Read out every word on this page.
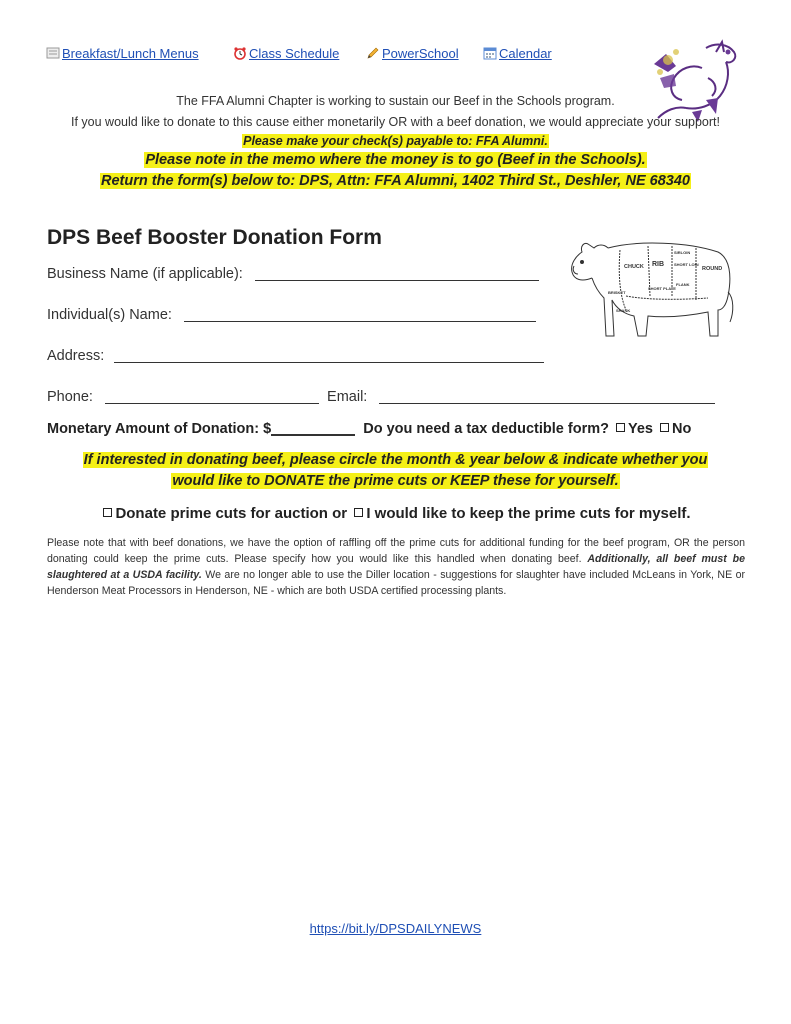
Breakfast/Lunch Menus	Class Schedule	PowerSchool	Calendar
The FFA Alumni Chapter is working to sustain our Beef in the Schools program.
If you would like to donate to this cause either monetarily OR with a beef donation, we would appreciate your support!
Please make your check(s) payable to: FFA Alumni.
Please note in the memo where the money is to go (Beef in the Schools).
Return the form(s) below to: DPS, Attn: FFA Alumni, 1402 Third St., Deshler, NE 68340
DPS Beef Booster Donation Form
CHUCK RIB SHORT LOIN
SIRLOIN
ROUND
BRISKET
SHORT PLATE
FLANK
SHANK
Business Name (if applicable):
Individual(s) Name:
Address:
Phone:	Email:
Monetary Amount of Donation: $	Do you need a tax deductible form? Yes No
If interested in donating beef, please circle the month & year below & indicate whether you
would like to DONATE the prime cuts or KEEP these for yourself.
Donate prime cuts for auction or I would like to keep the prime cuts for myself.
Please note that with beef donations, we have the option of raffling off the prime cuts for additional funding for the beef program, OR the person donating could keep the prime cuts. Please specify how you would like this handled when donating beef. Additionally, all beef must be slaughtered at a USDA facility. We are no longer able to use the Diller location - suggestions for slaughter have included McLeans in York, NE or Henderson Meat Processors in Henderson, NE - which are both USDA certified processing plants.
https://bit.ly/DPSDAILYNEWS
